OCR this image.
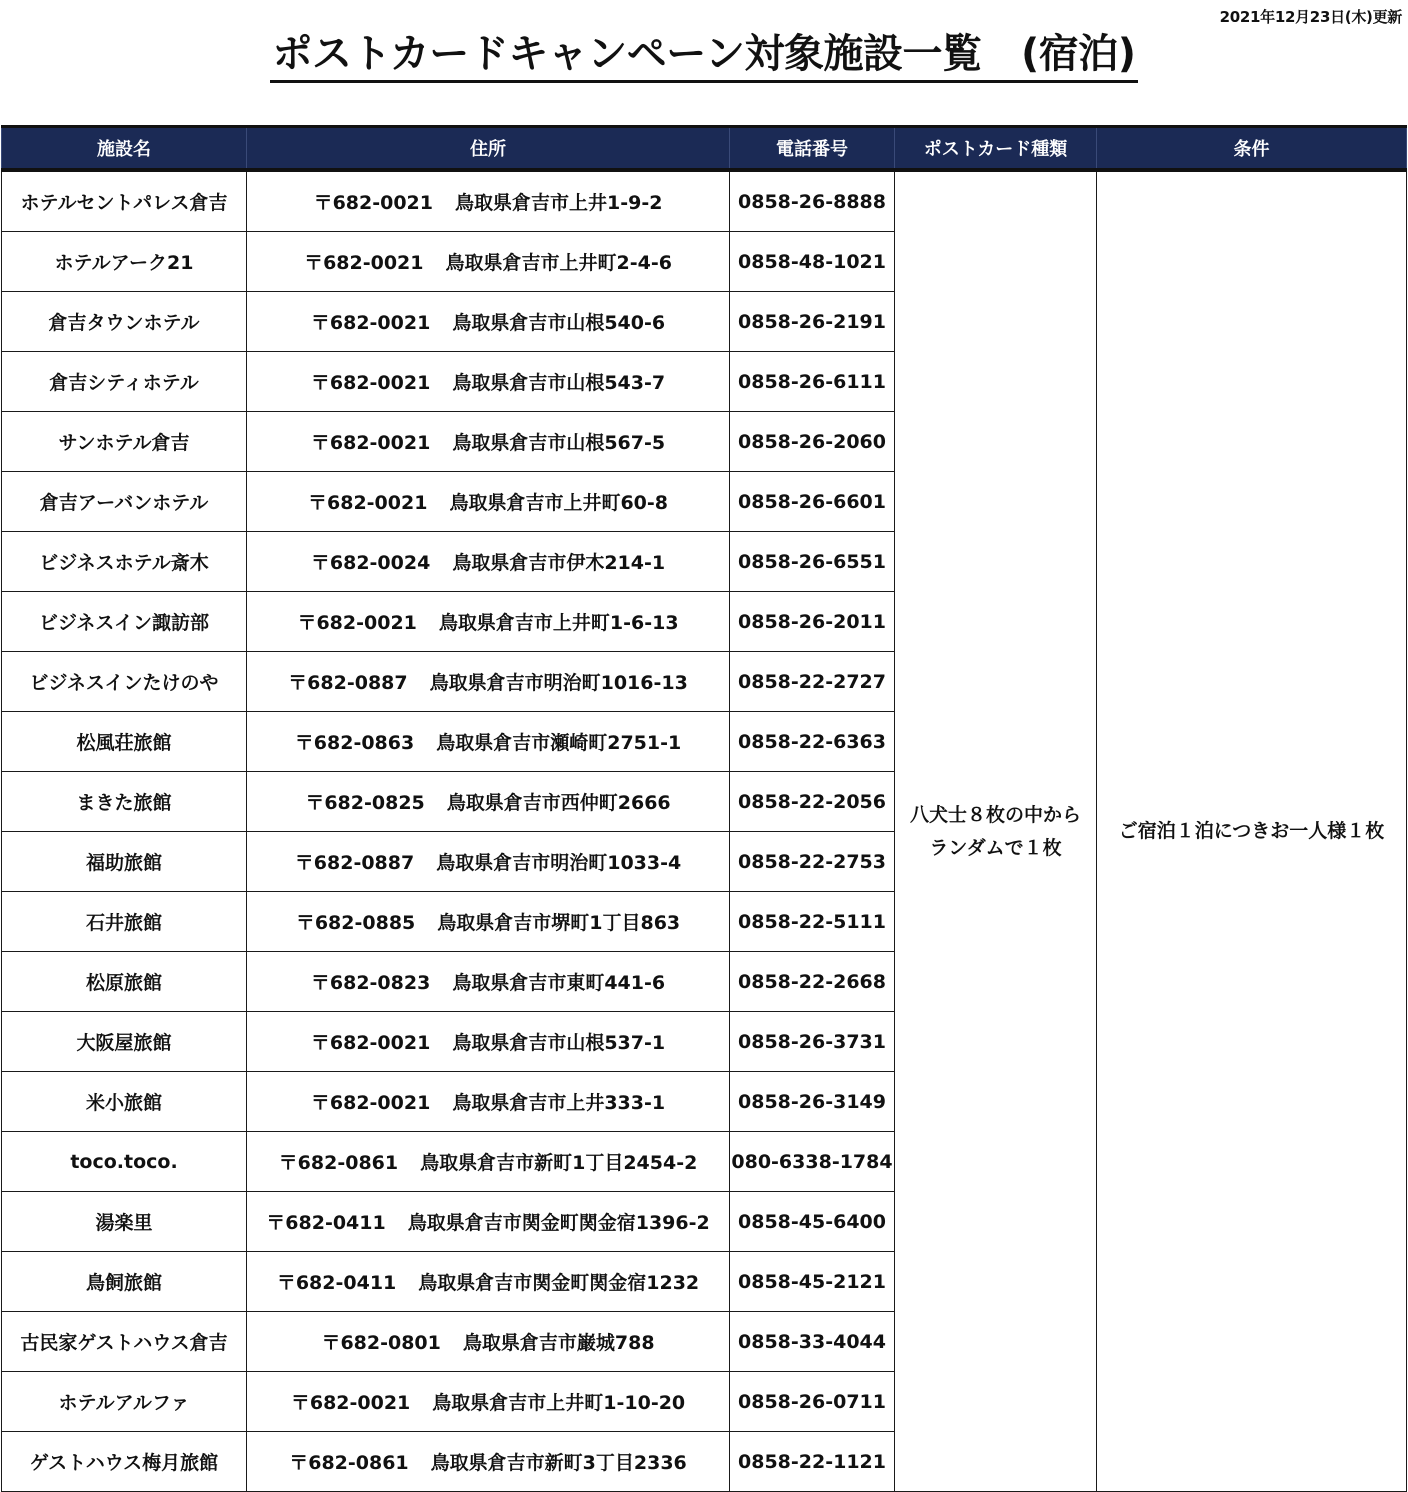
2021年12月23日(木)更新
ポストカードキャンペーン対象施設一覧　(宿泊)
施設名	住所	電話番号	ポストカード種類	条件
ホテルセントパレス倉吉	〒682-0021 鳥取県倉吉市上井1-9-2	0858-26-8888	八犬士８枚の中から
ランダムで１枚	ご宿泊１泊につきお一人様１枚
ホテルアーク21	〒682-0021 鳥取県倉吉市上井町2-4-6	0858-48-1021		
倉吉タウンホテル	〒682-0021 鳥取県倉吉市山根540-6	0858-26-2191		
倉吉シティホテル	〒682-0021 鳥取県倉吉市山根543-7	0858-26-6111		
サンホテル倉吉	〒682-0021 鳥取県倉吉市山根567-5	0858-26-2060		
倉吉アーバンホテル	〒682-0021 鳥取県倉吉市上井町60-8	0858-26-6601		
ビジネスホテル斎木	〒682-0024 鳥取県倉吉市伊木214-1	0858-26-6551		
ビジネスイン諏訪部	〒682-0021 鳥取県倉吉市上井町1-6-13	0858-26-2011		
ビジネスインたけのや	〒682-0887 鳥取県倉吉市明治町1016-13	0858-22-2727		
松風荘旅館	〒682-0863 鳥取県倉吉市瀬崎町2751-1	0858-22-6363		
まきた旅館	〒682-0825 鳥取県倉吉市西仲町2666	0858-22-2056		
福助旅館	〒682-0887 鳥取県倉吉市明治町1033-4	0858-22-2753		
石井旅館	〒682-0885 鳥取県倉吉市堺町1丁目863	0858-22-5111		
松原旅館	〒682-0823 鳥取県倉吉市東町441-6	0858-22-2668		
大阪屋旅館	〒682-0021 鳥取県倉吉市山根537-1	0858-26-3731		
米小旅館	〒682-0021 鳥取県倉吉市上井333-1	0858-26-3149		
toco.toco.	〒682-0861 鳥取県倉吉市新町1丁目2454-2	080-6338-1784		
湯楽里	〒682-0411 鳥取県倉吉市関金町関金宿1396-2	0858-45-6400		
鳥飼旅館	〒682-0411 鳥取県倉吉市関金町関金宿1232	0858-45-2121		
古民家ゲストハウス倉吉	〒682-0801 鳥取県倉吉市巌城788	0858-33-4044		
ホテルアルファ	〒682-0021 鳥取県倉吉市上井町1-10-20	0858-26-0711		
ゲストハウス梅月旅館	〒682-0861 鳥取県倉吉市新町3丁目2336	0858-22-1121		
